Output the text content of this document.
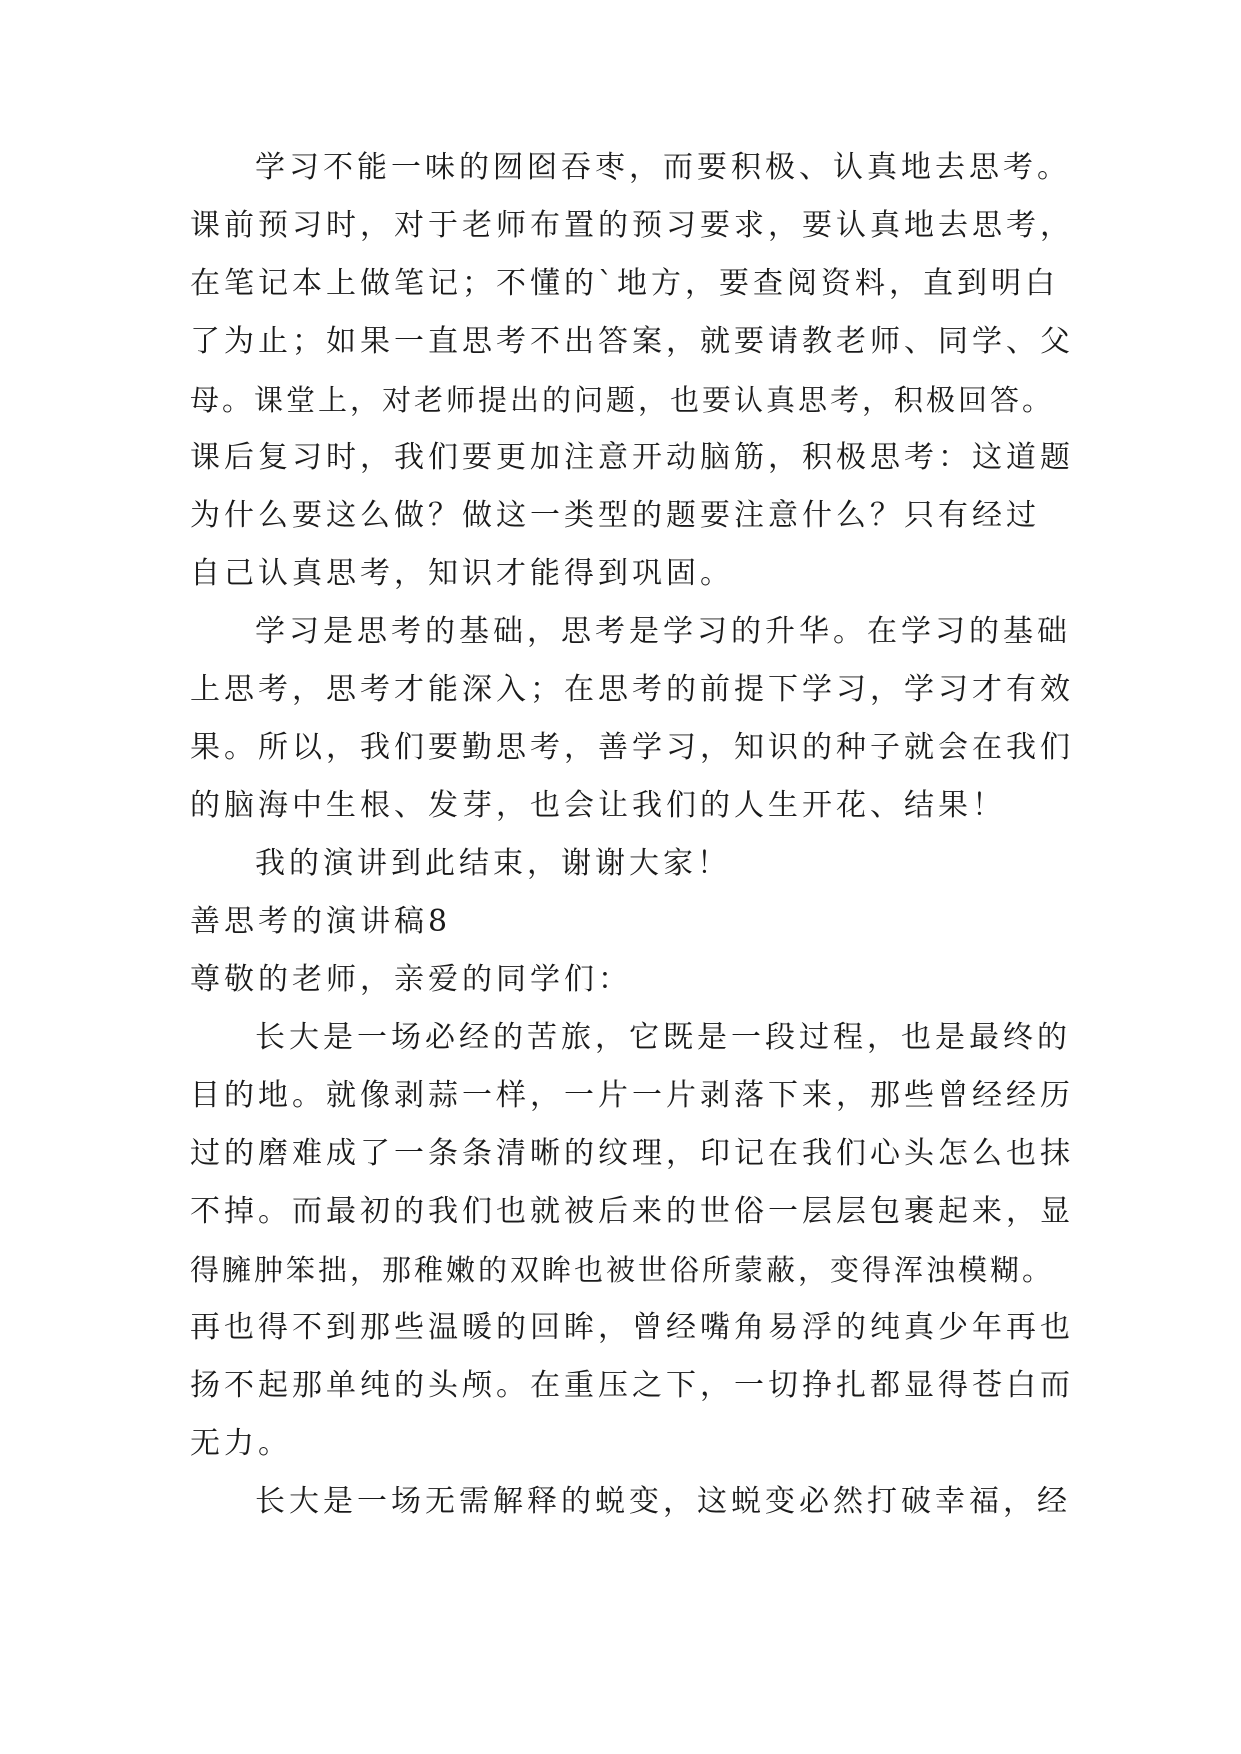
学习不能一味的囫囵吞枣，而要积极、认真地去思考。

课前预习时，对于老师布置的预习要求，要认真地去思考，

在笔记本上做笔记；不懂的`地方，要查阅资料，直到明白

了为止；如果一直思考不出答案，就要请教老师、同学、父

母。课堂上，对老师提出的问题，也要认真思考，积极回答。

课后复习时，我们要更加注意开动脑筋，积极思考：这道题

为什么要这么做？做这一类型的题要注意什么？只有经过

自己认真思考，知识才能得到巩固。

学习是思考的基础，思考是学习的升华。在学习的基础

上思考，思考才能深入；在思考的前提下学习，学习才有效

果。所以，我们要勤思考，善学习，知识的种子就会在我们

的脑海中生根、发芽，也会让我们的人生开花、结果！

我的演讲到此结束，谢谢大家！

善思考的演讲稿8

尊敬的老师，亲爱的同学们：

长大是一场必经的苦旅，它既是一段过程，也是最终的

目的地。就像剥蒜一样，一片一片剥落下来，那些曾经经历

过的磨难成了一条条清晰的纹理，印记在我们心头怎么也抹

不掉。而最初的我们也就被后来的世俗一层层包裹起来，显

得臃肿笨拙，那稚嫩的双眸也被世俗所蒙蔽，变得浑浊模糊。

再也得不到那些温暖的回眸，曾经嘴角易浮的纯真少年再也

扬不起那单纯的头颅。在重压之下，一切挣扎都显得苍白而

无力。

长大是一场无需解释的蜕变，这蜕变必然打破幸福，经
